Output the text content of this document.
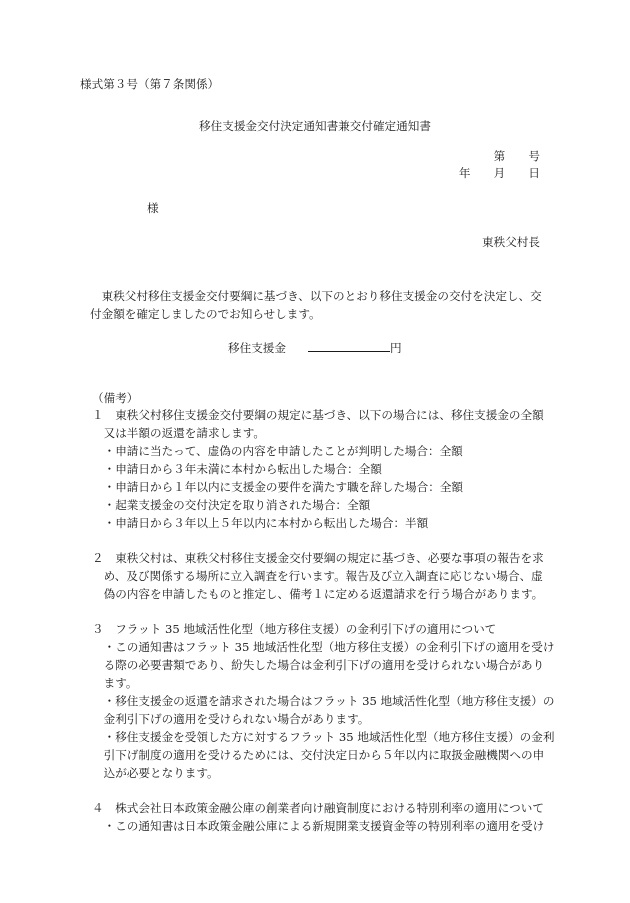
様式第３号（第７条関係）
移住支援金交付決定通知書兼交付確定通知書
第　　号
年　　月　　日
様
東秩父村長
　東秩父村移住支援金交付要綱に基づき、以下のとおり移住支援金の交付を決定し、交
付金額を確定しましたのでお知らせします。
移住支援金	円
（備考）
１　東秩父村移住支援金交付要綱の規定に基づき、以下の場合には、移住支援金の全額
　又は半額の返還を請求します。
　・申請に当たって、虚偽の内容を申請したことが判明した場合：全額
　・申請日から３年未満に本村から転出した場合：全額
　・申請日から１年以内に支援金の要件を満たす職を辞した場合：全額
　・起業支援金の交付決定を取り消された場合：全額
　・申請日から３年以上５年以内に本村から転出した場合：半額
２　東秩父村は、東秩父村移住支援金交付要綱の規定に基づき、必要な事項の報告を求
　め、及び関係する場所に立入調査を行います。報告及び立入調査に応じない場合、虚
　偽の内容を申請したものと推定し、備考１に定める返還請求を行う場合があります。
３　フラット 35 地域活性化型（地方移住支援）の金利引下げの適用について
　・この通知書はフラット 35 地域活性化型（地方移住支援）の金利引下げの適用を受け
　る際の必要書類であり、紛失した場合は金利引下げの適用を受けられない場合があり
　ます。
　・移住支援金の返還を請求された場合はフラット 35 地域活性化型（地方移住支援）の
　金利引下げの適用を受けられない場合があります。
　・移住支援金を受領した方に対するフラット 35 地域活性化型（地方移住支援）の金利
　引下げ制度の適用を受けるためには、交付決定日から５年以内に取扱金融機関への申
　込が必要となります。
４　株式会社日本政策金融公庫の創業者向け融資制度における特別利率の適用について
　・この通知書は日本政策金融公庫による新規開業支援資金等の特別利率の適用を受け
